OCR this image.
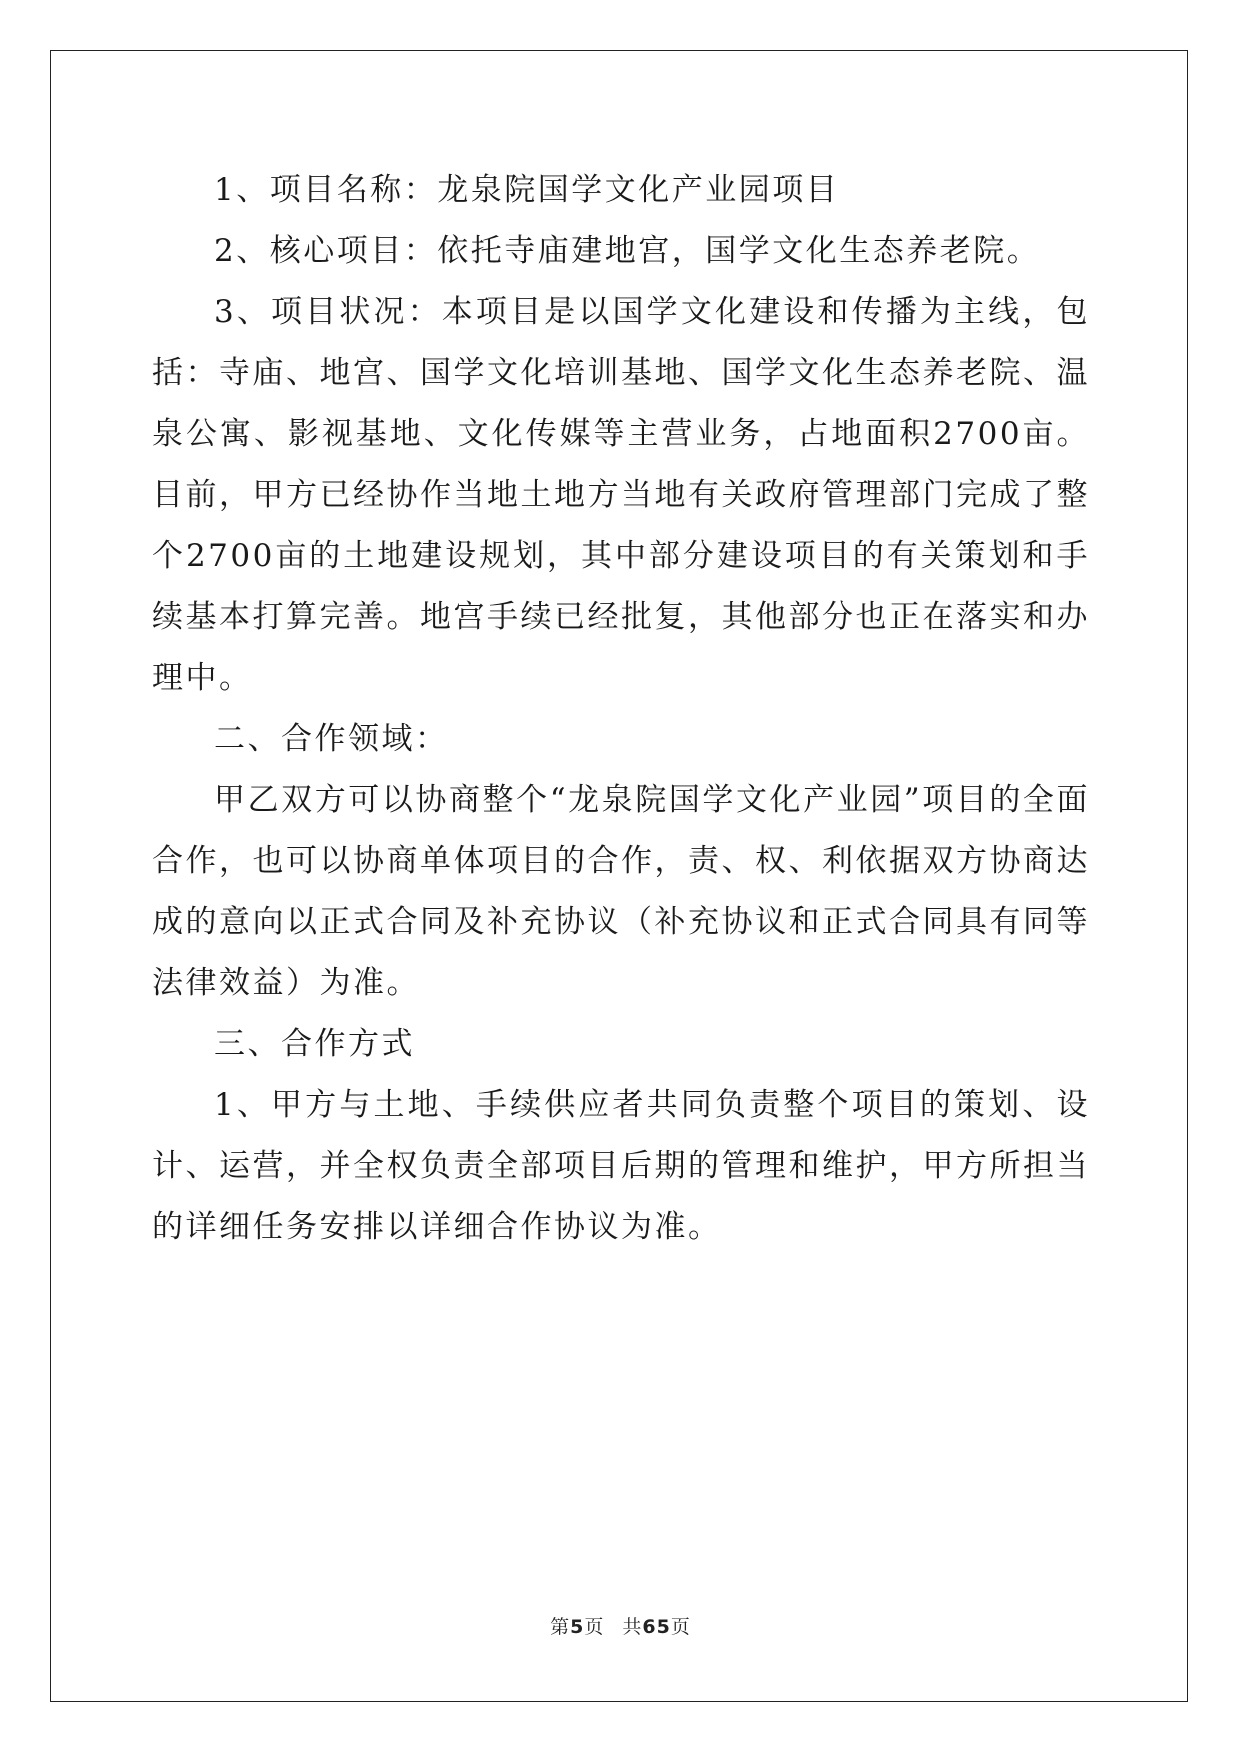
1、项目名称：龙泉院国学文化产业园项目

2、核心项目：依托寺庙建地宫，国学文化生态养老院。

3、项目状况：本项目是以国学文化建设和传播为主线，包括：寺庙、地宫、国学文化培训基地、国学文化生态养老院、温泉公寓、影视基地、文化传媒等主营业务，占地面积2700亩。目前，甲方已经协作当地土地方当地有关政府管理部门完成了整个2700亩的土地建设规划，其中部分建设项目的有关策划和手续基本打算完善。地宫手续已经批复，其他部分也正在落实和办理中。

二、合作领域：

甲乙双方可以协商整个“龙泉院国学文化产业园”项目的全面合作，也可以协商单体项目的合作，责、权、利依据双方协商达成的意向以正式合同及补充协议（补充协议和正式合同具有同等法律效益）为准。

三、合作方式

1、甲方与土地、手续供应者共同负责整个项目的策划、设计、运营，并全权负责全部项目后期的管理和维护，甲方所担当的详细任务安排以详细合作协议为准。

第5页 共65页
